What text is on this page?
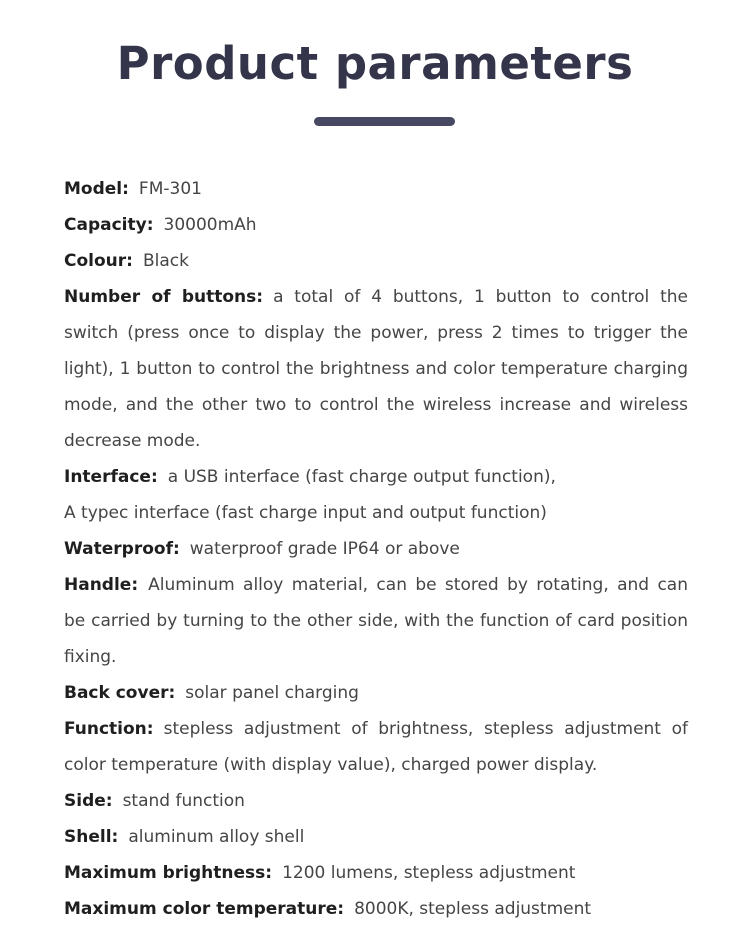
Product parameters

Model: FM-301

Capacity: 30000mAh

Colour: Black

Number of buttons: a total of 4 buttons, 1 button to control the switch (press once to display the power, press 2 times to trigger the light), 1 button to control the brightness and color temperature charging mode, and the other two to control the wireless increase and wireless decrease mode.

Interface: a USB interface (fast charge output function),

A typec interface (fast charge input and output function)

Waterproof: waterproof grade IP64 or above

Handle: Aluminum alloy material, can be stored by rotating, and can be carried by turning to the other side, with the function of card position fixing.

Back cover: solar panel charging

Function: stepless adjustment of brightness, stepless adjustment of color temperature (with display value), charged power display.

Side: stand function

Shell: aluminum alloy shell

Maximum brightness: 1200 lumens, stepless adjustment

Maximum color temperature: 8000K, stepless adjustment
